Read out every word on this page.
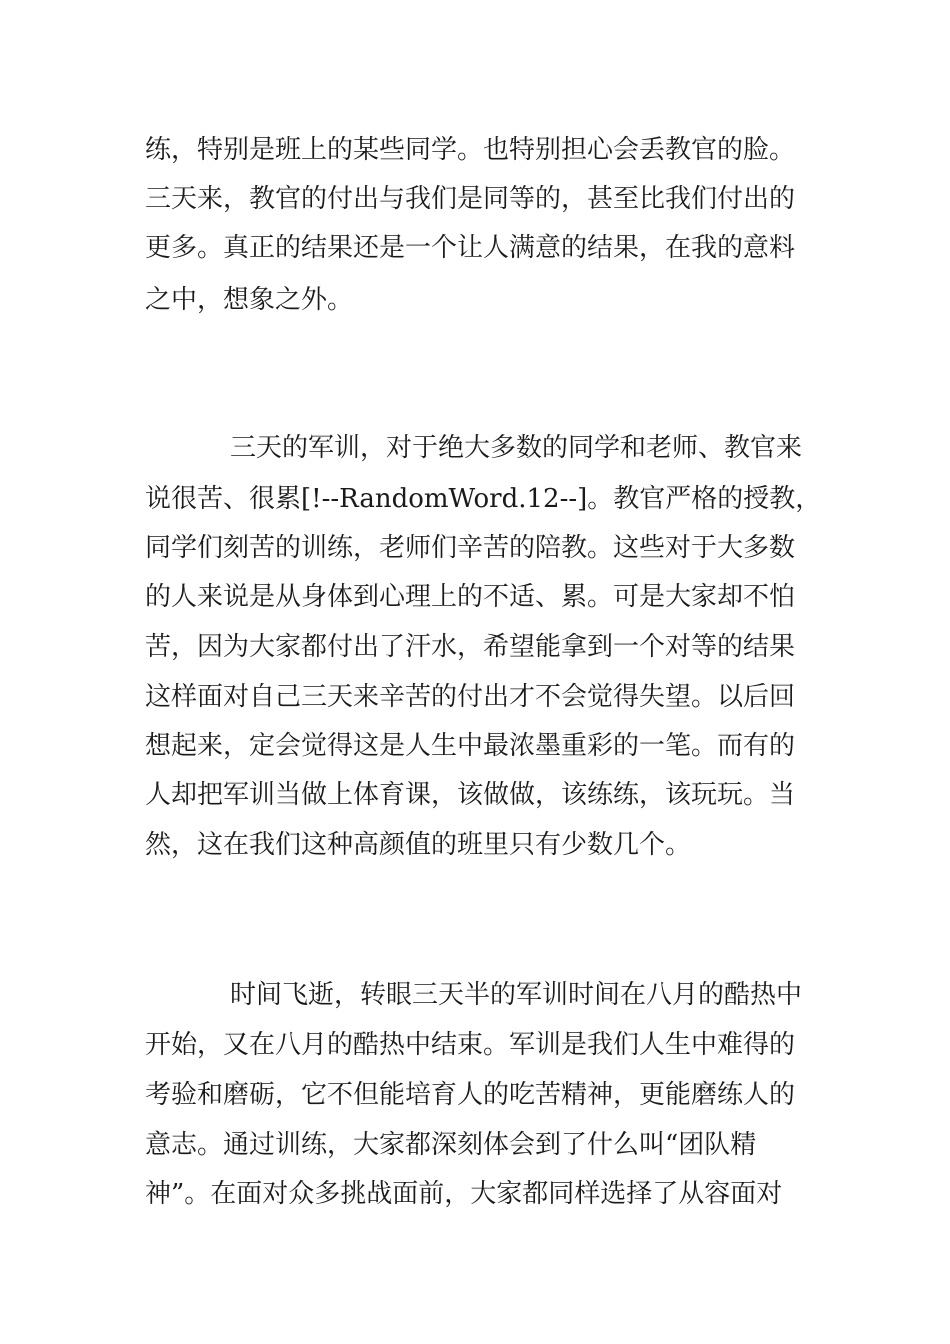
练，特别是班上的某些同学。也特别担心会丢教官的脸。
三天来，教官的付出与我们是同等的，甚至比我们付出的
更多。真正的结果还是一个让人满意的结果，在我的意料
之中，想象之外。
三天的军训，对于绝大多数的同学和老师、教官来
说很苦、很累[!--RandomWord.12--]。教官严格的授教，
同学们刻苦的训练，老师们辛苦的陪教。这些对于大多数
的人来说是从身体到心理上的不适、累。可是大家却不怕
苦，因为大家都付出了汗水，希望能拿到一个对等的结果
这样面对自己三天来辛苦的付出才不会觉得失望。以后回
想起来，定会觉得这是人生中最浓墨重彩的一笔。而有的
人却把军训当做上体育课，该做做，该练练，该玩玩。当
然，这在我们这种高颜值的班里只有少数几个。
时间飞逝，转眼三天半的军训时间在八月的酷热中
开始，又在八月的酷热中结束。军训是我们人生中难得的
考验和磨砺，它不但能培育人的吃苦精神，更能磨练人的
意志。通过训练，大家都深刻体会到了什么叫“团队精
神”。在面对众多挑战面前，大家都同样选择了从容面对
